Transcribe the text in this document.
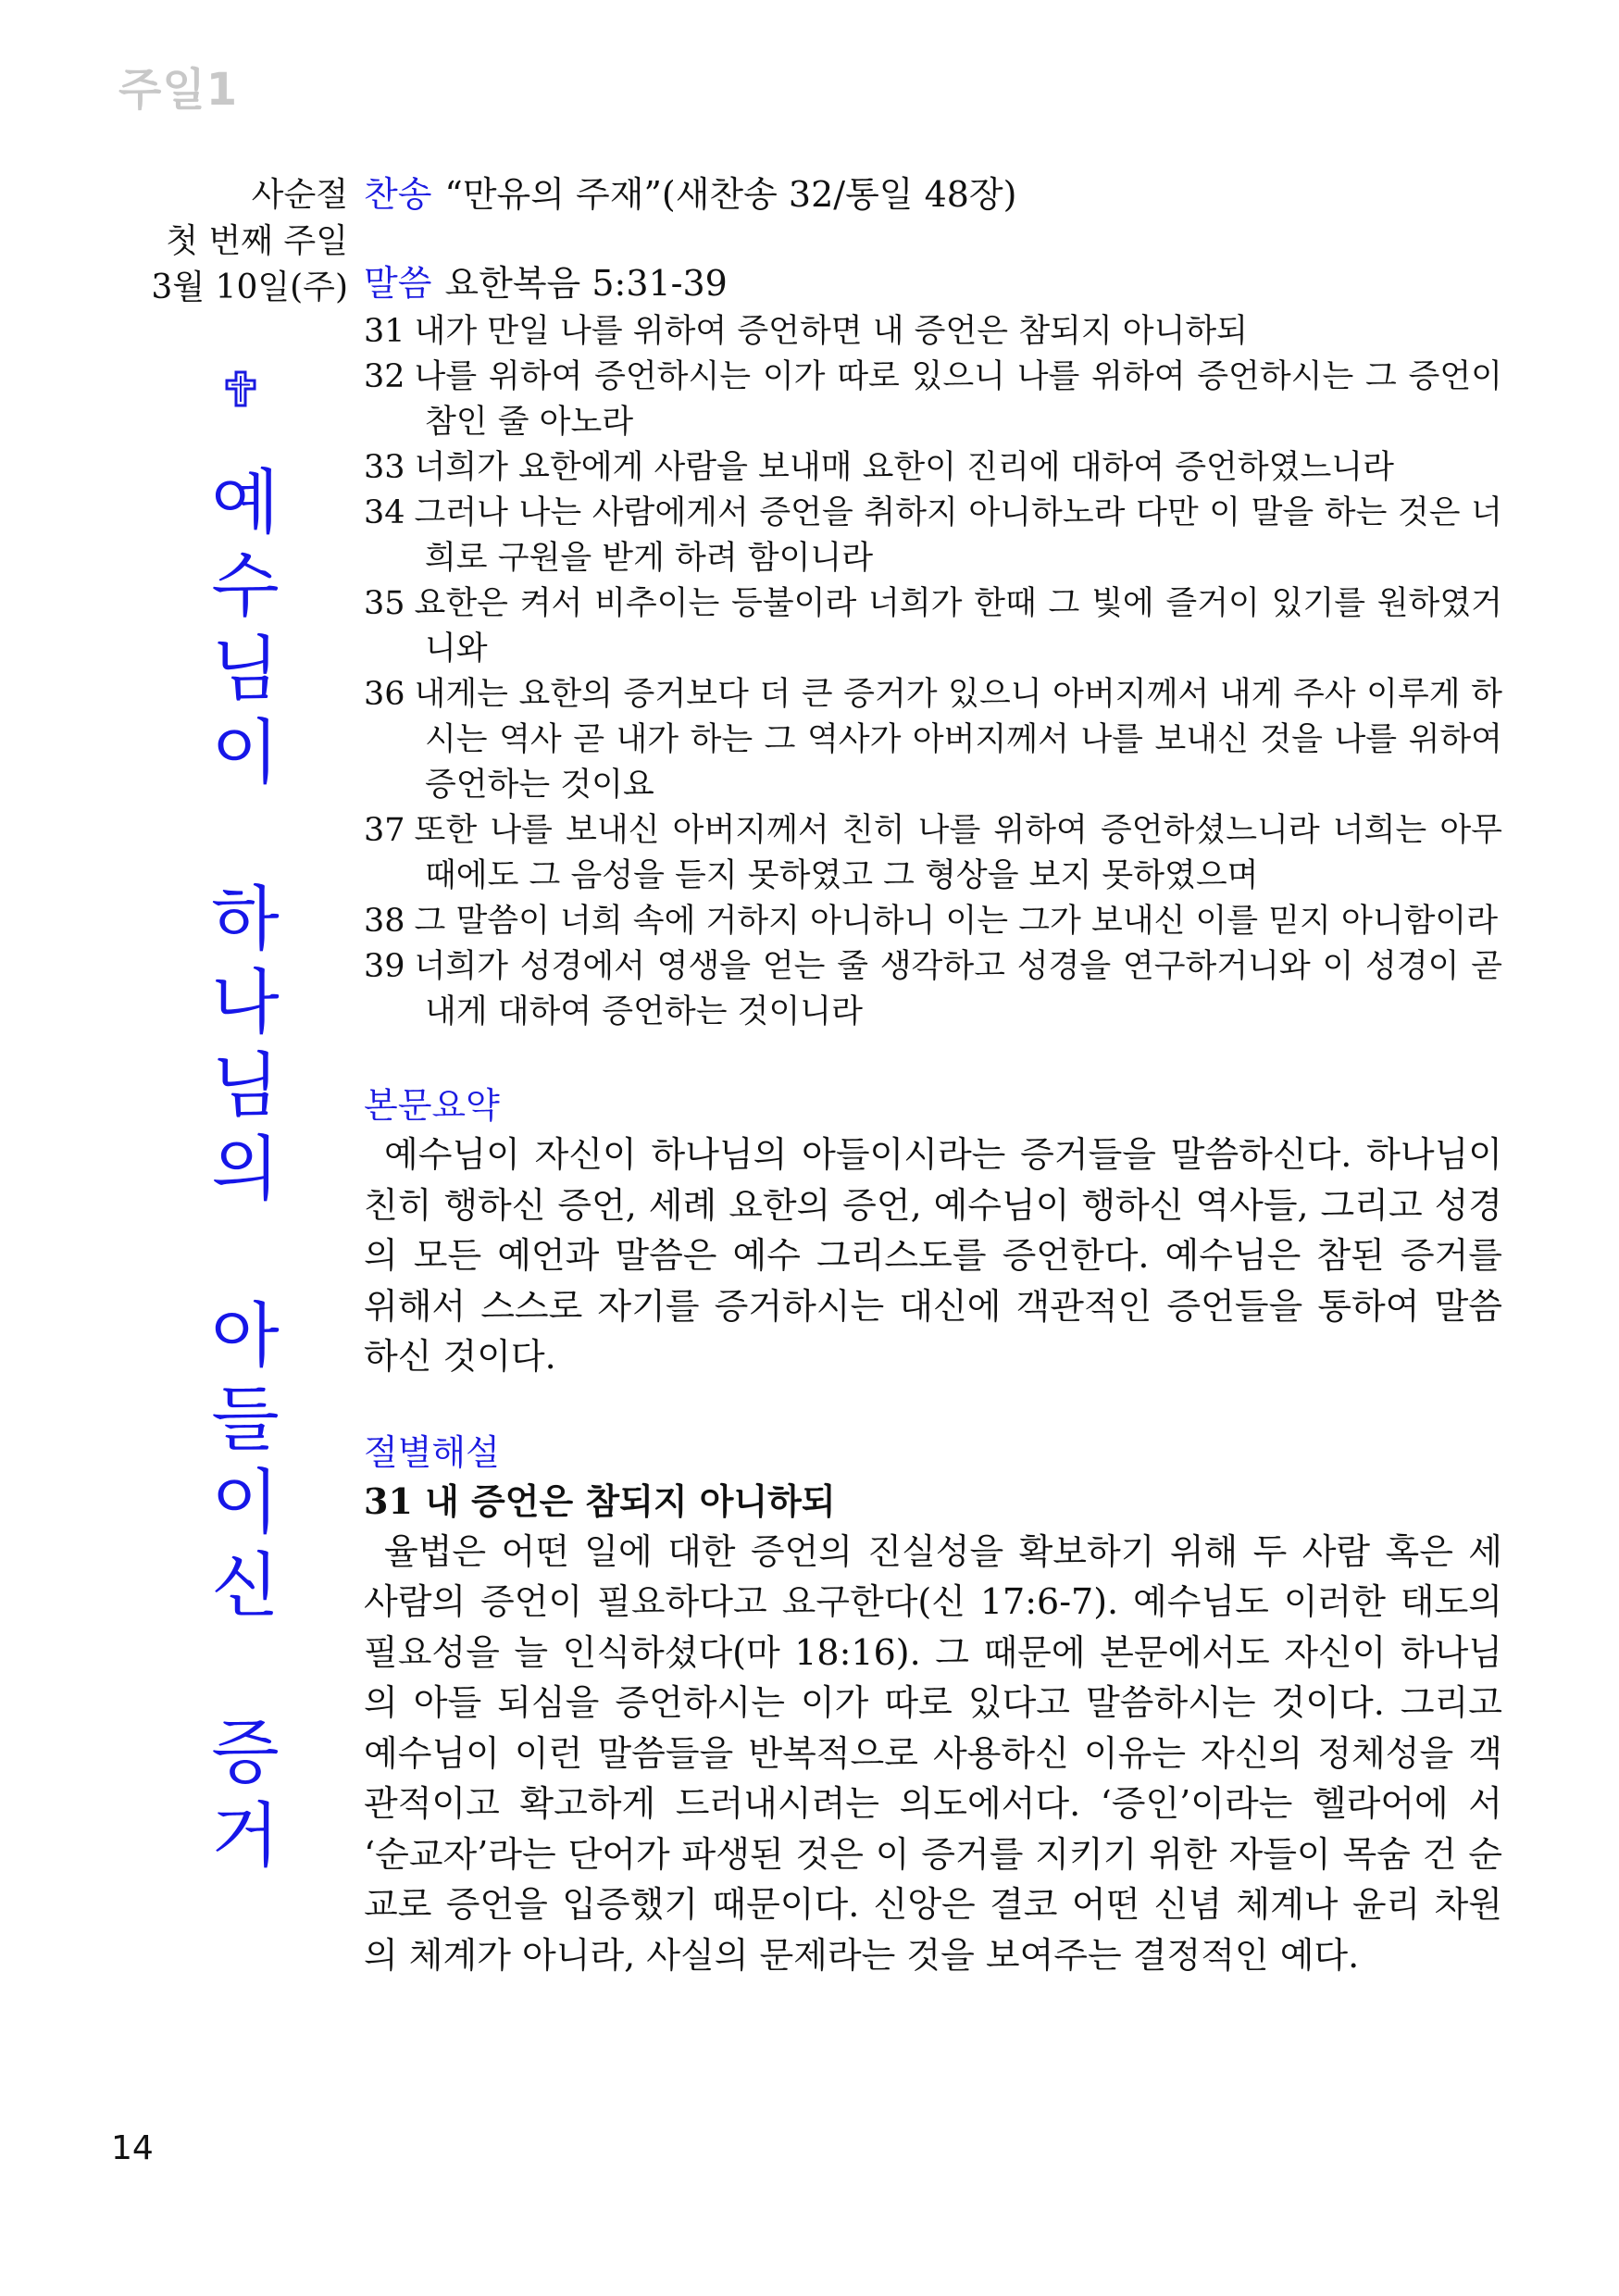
주일1
사순절
첫 번째 주일
3월 10일(주)
예
수
님
이
하
나
님
의
아
들
이
신
증
거
찬송 “만유의 주재”(새찬송 32/통일 48장)
말씀 요한복음 5:31-39
31 내가 만일 나를 위하여 증언하면 내 증언은 참되지 아니하되
32 나를 위하여 증언하시는 이가 따로 있으니 나를 위하여 증언하시는 그 증언이 참인 줄 아노라
33 너희가 요한에게 사람을 보내매 요한이 진리에 대하여 증언하였느니라
34 그러나 나는 사람에게서 증언을 취하지 아니하노라 다만 이 말을 하는 것은 너희로 구원을 받게 하려 함이니라
35 요한은 켜서 비추이는 등불이라 너희가 한때 그 빛에 즐거이 있기를 원하였거니와
36 내게는 요한의 증거보다 더 큰 증거가 있으니 아버지께서 내게 주사 이루게 하시는 역사 곧 내가 하는 그 역사가 아버지께서 나를 보내신 것을 나를 위하여 증언하는 것이요
37 또한 나를 보내신 아버지께서 친히 나를 위하여 증언하셨느니라 너희는 아무 때에도 그 음성을 듣지 못하였고 그 형상을 보지 못하였으며
38 그 말씀이 너희 속에 거하지 아니하니 이는 그가 보내신 이를 믿지 아니함이라
39 너희가 성경에서 영생을 얻는 줄 생각하고 성경을 연구하거니와 이 성경이 곧 내게 대하여 증언하는 것이니라
본문요약
예수님이 자신이 하나님의 아들이시라는 증거들을 말씀하신다. 하나님이 친히 행하신 증언, 세례 요한의 증언, 예수님이 행하신 역사들, 그리고 성경의 모든 예언과 말씀은 예수 그리스도를 증언한다. 예수님은 참된 증거를 위해서 스스로 자기를 증거하시는 대신에 객관적인 증언들을 통하여 말씀하신 것이다.
절별해설
31 내 증언은 참되지 아니하되
율법은 어떤 일에 대한 증언의 진실성을 확보하기 위해 두 사람 혹은 세 사람의 증언이 필요하다고 요구한다(신 17:6-7). 예수님도 이러한 태도의 필요성을 늘 인식하셨다(마 18:16). 그 때문에 본문에서도 자신이 하나님의 아들 되심을 증언하시는 이가 따로 있다고 말씀하시는 것이다. 그리고 예수님이 이런 말씀들을 반복적으로 사용하신 이유는 자신의 정체성을 객관적이고 확고하게 드러내시려는 의도에서다. ‘증인’이라는 헬라어에 서 ‘순교자’라는 단어가 파생된 것은 이 증거를 지키기 위한 자들이 목숨 건 순교로 증언을 입증했기 때문이다. 신앙은 결코 어떤 신념 체계나 윤리 차원의 체계가 아니라, 사실의 문제라는 것을 보여주는 결정적인 예다.
14
